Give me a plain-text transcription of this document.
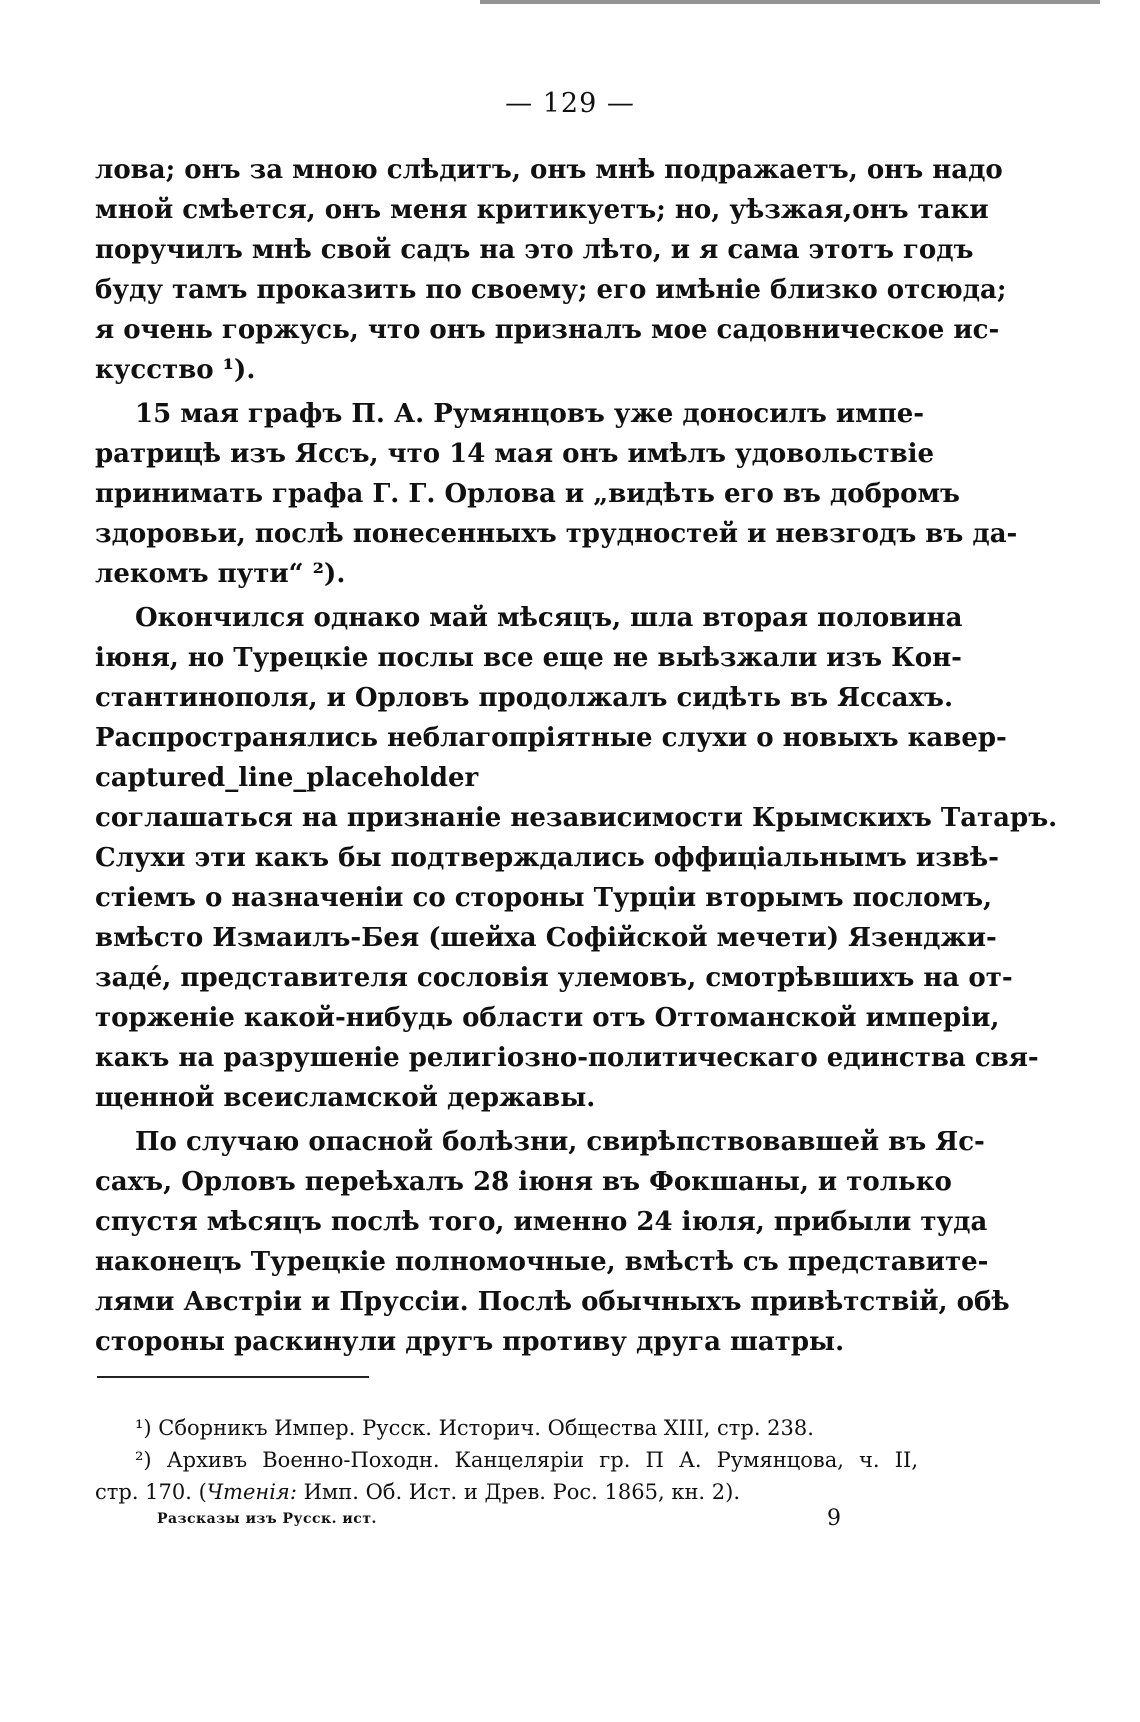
— 129 —
лова; онъ за мною слѣдитъ, онъ мнѣ подражаетъ, онъ надо
мной смѣется, онъ меня критикуетъ; но, уѣзжая,онъ таки
поручилъ мнѣ свой садъ на это лѣто, и я сама этотъ годъ
буду тамъ проказить по своему; его имѣніе близко отсюда;
я очень горжусь, что онъ призналъ мое садовническое ис-
кусство ¹).
15 мая графъ П. А. Румянцовъ уже доносилъ импе-
ратрицѣ изъ Яссъ, что 14 мая онъ имѣлъ удовольствіе
принимать графа Г. Г. Орлова и „видѣть его въ добромъ
здоровьи, послѣ понесенныхъ трудностей и невзгодъ въ да-
лекомъ пути“ ²).
Окончился однако май мѣсяцъ, шла вторая половина
іюня, но Турецкіе послы все еще не выѣзжали изъ Кон-
стантинополя, и Орловъ продолжалъ сидѣть въ Яссахъ.
Распространялись неблагопріятные слухи о новыхъ кавер-
captured_line_placeholder
соглашаться на признаніе независимости Крымскихъ Татаръ.
Слухи эти какъ бы подтверждались оффиціальнымъ извѣ-
стіемъ о назначеніи со стороны Турціи вторымъ посломъ,
вмѣсто Измаилъ-Бея (шейха Софійской мечети) Язенджи-
заде́, представителя сословія улемовъ, смотрѣвшихъ на от-
торженіе какой-нибудь области отъ Оттоманской имперіи,
какъ на разрушеніе религіозно-политическаго единства свя-
щенной всеисламской державы.
По случаю опасной болѣзни, свирѣпствовавшей въ Яс-
сахъ, Орловъ переѣхалъ 28 іюня въ Фокшаны, и только
спустя мѣсяцъ послѣ того, именно 24 іюля, прибыли туда
наконецъ Турецкіе полномочные, вмѣстѣ съ представите-
лями Австріи и Пруссіи. Послѣ обычныхъ привѣтствій, обѣ
стороны раскинули другъ противу друга шатры.
¹) Сборникъ Импер. Русск. Историч. Общества XIII, стр. 238.
²) Архивъ Военно-Походн. Канцеляріи гр. П А. Румянцова, ч. II,
стр. 170. (Чтенія: Имп. Об. Ист. и Древ. Рос. 1865, кн. 2).
Разсказы изъ Русск. ист.	9
